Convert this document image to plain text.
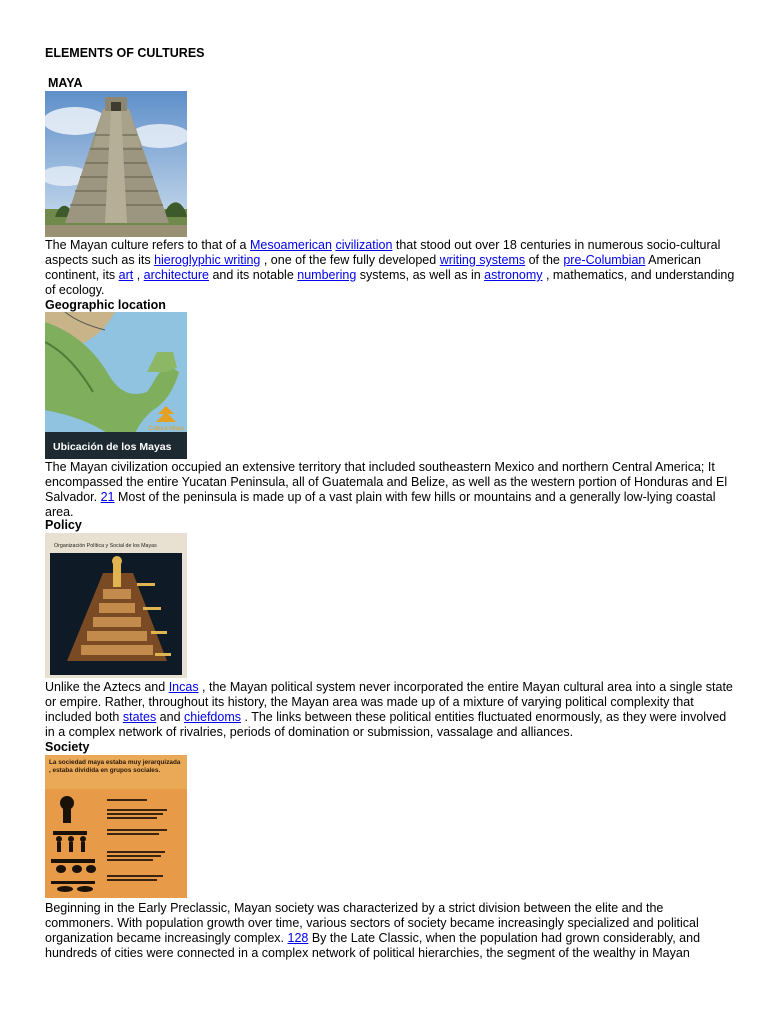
ELEMENTS OF CULTURES
MAYA
The Mayan culture refers to that of a Mesoamerican civilization that stood out over 18 centuries in numerous socio-cultural aspects such as its hieroglyphic writing , one of the few fully developed writing systems of the pre-Columbian American continent, its art , architecture and its notable numbering systems, as well as in astronomy , mathematics, and understanding of ecology.
Geographic location
Cultura Maya
Ubicación de los Mayas
The Mayan civilization occupied an extensive territory that included southeastern Mexico and northern Central America; It encompassed the entire Yucatan Peninsula, all of Guatemala and Belize, as well as the western portion of Honduras and El Salvador. 21 Most of the peninsula is made up of a vast plain with few hills or mountains and a generally low-lying coastal area.
Policy
Organización Política y Social de los Mayas
Unlike the Aztecs and Incas , the Mayan political system never incorporated the entire Mayan cultural area into a single state or empire. Rather, throughout its history, the Mayan area was made up of a mixture of varying political complexity that included both states and chiefdoms . The links between these political entities fluctuated enormously, as they were involved in a complex network of rivalries, periods of domination or submission, vassalage and alliances.
Society
La sociedad maya estaba muy jerarquizada , estaba dividida en grupos sociales.
Beginning in the Early Preclassic, Mayan society was characterized by a strict division between the elite and the commoners. With population growth over time, various sectors of society became increasingly specialized and political organization became increasingly complex. 128 By the Late Classic, when the population had grown considerably, and hundreds of cities were connected in a complex network of political hierarchies, the segment of the wealthy in Mayan
